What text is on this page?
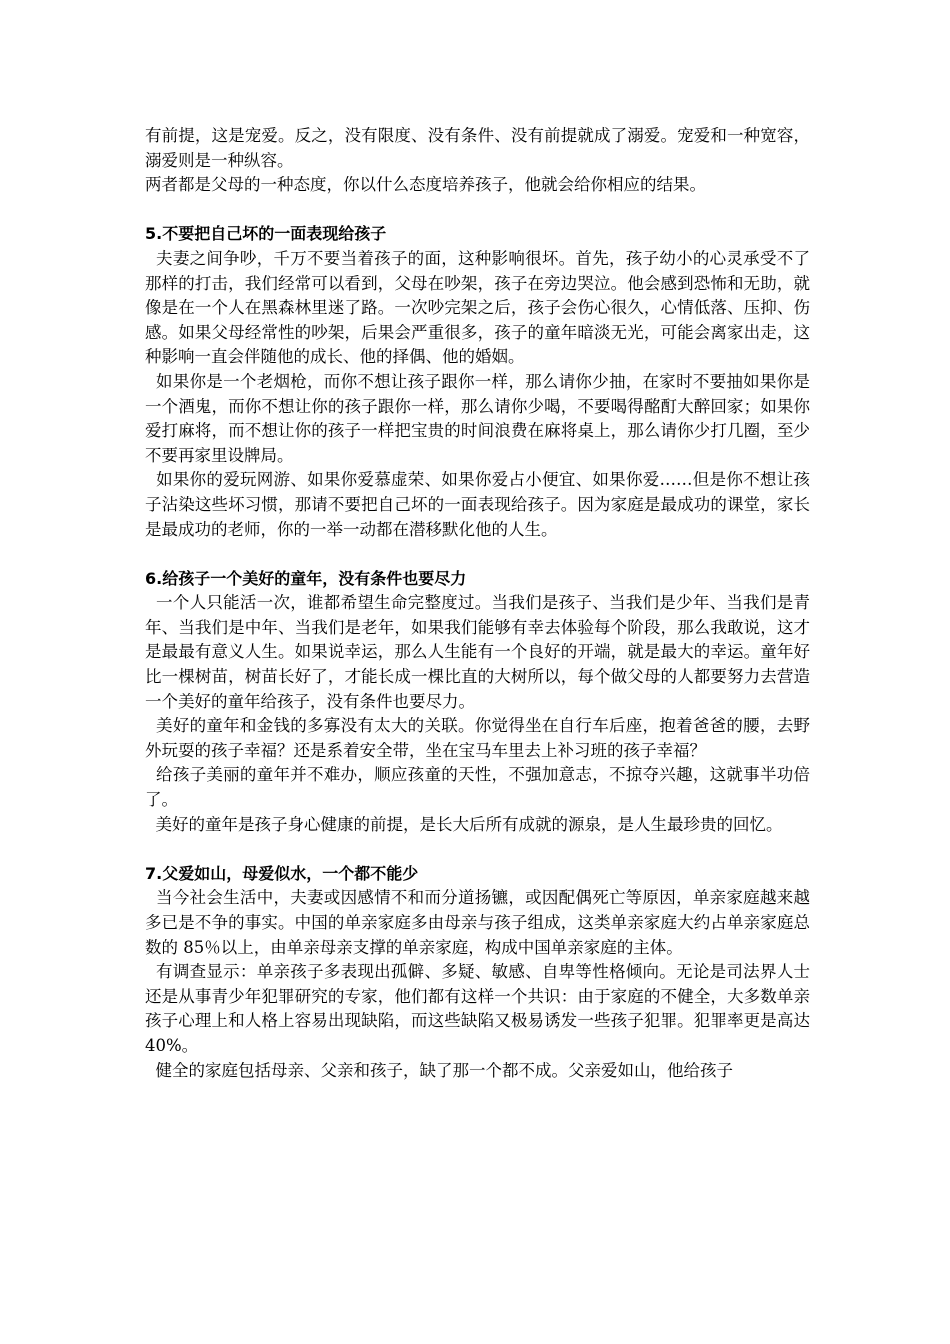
有前提，这是宠爱。反之，没有限度、没有条件、没有前提就成了溺爱。宠爱和一种宽容，溺爱则是一种纵容。

两者都是父母的一种态度，你以什么态度培养孩子，他就会给你相应的结果。

5.不要把自己坏的一面表现给孩子

夫妻之间争吵，千万不要当着孩子的面，这种影响很坏。首先，孩子幼小的心灵承受不了那样的打击，我们经常可以看到，父母在吵架，孩子在旁边哭泣。他会感到恐怖和无助，就像是在一个人在黑森林里迷了路。一次吵完架之后，孩子会伤心很久，心情低落、压抑、伤感。如果父母经常性的吵架，后果会严重很多，孩子的童年暗淡无光，可能会离家出走，这种影响一直会伴随他的成长、他的择偶、他的婚姻。

如果你是一个老烟枪，而你不想让孩子跟你一样，那么请你少抽，在家时不要抽如果你是一个酒鬼，而你不想让你的孩子跟你一样，那么请你少喝，不要喝得酩酊大醉回家；如果你爱打麻将，而不想让你的孩子一样把宝贵的时间浪费在麻将桌上，那么请你少打几圈，至少不要再家里设牌局。

如果你的爱玩网游、如果你爱慕虚荣、如果你爱占小便宜、如果你爱……但是你不想让孩子沾染这些坏习惯，那请不要把自己坏的一面表现给孩子。因为家庭是最成功的课堂，家长是最成功的老师，你的一举一动都在潜移默化他的人生。

6.给孩子一个美好的童年，没有条件也要尽力

一个人只能活一次，谁都希望生命完整度过。当我们是孩子、当我们是少年、当我们是青年、当我们是中年、当我们是老年，如果我们能够有幸去体验每个阶段，那么我敢说，这才是最最有意义人生。如果说幸运，那么人生能有一个良好的开端，就是最大的幸运。童年好比一棵树苗，树苗长好了，才能长成一棵比直的大树所以，每个做父母的人都要努力去营造一个美好的童年给孩子，没有条件也要尽力。

美好的童年和金钱的多寡没有太大的关联。你觉得坐在自行车后座，抱着爸爸的腰，去野外玩耍的孩子幸福？还是系着安全带，坐在宝马车里去上补习班的孩子幸福？

给孩子美丽的童年并不难办，顺应孩童的天性，不强加意志，不掠夺兴趣，这就事半功倍了。

美好的童年是孩子身心健康的前提，是长大后所有成就的源泉，是人生最珍贵的回忆。

7.父爱如山，母爱似水，一个都不能少

当今社会生活中，夫妻或因感情不和而分道扬镳，或因配偶死亡等原因，单亲家庭越来越多已是不争的事实。中国的单亲家庭多由母亲与孩子组成，这类单亲家庭大约占单亲家庭总数的 85％以上，由单亲母亲支撑的单亲家庭，构成中国单亲家庭的主体。

有调查显示：单亲孩子多表现出孤僻、多疑、敏感、自卑等性格倾向。无论是司法界人士还是从事青少年犯罪研究的专家，他们都有这样一个共识：由于家庭的不健全，大多数单亲孩子心理上和人格上容易出现缺陷，而这些缺陷又极易诱发一些孩子犯罪。犯罪率更是高达 40%。

健全的家庭包括母亲、父亲和孩子，缺了那一个都不成。父亲爱如山，他给孩子
